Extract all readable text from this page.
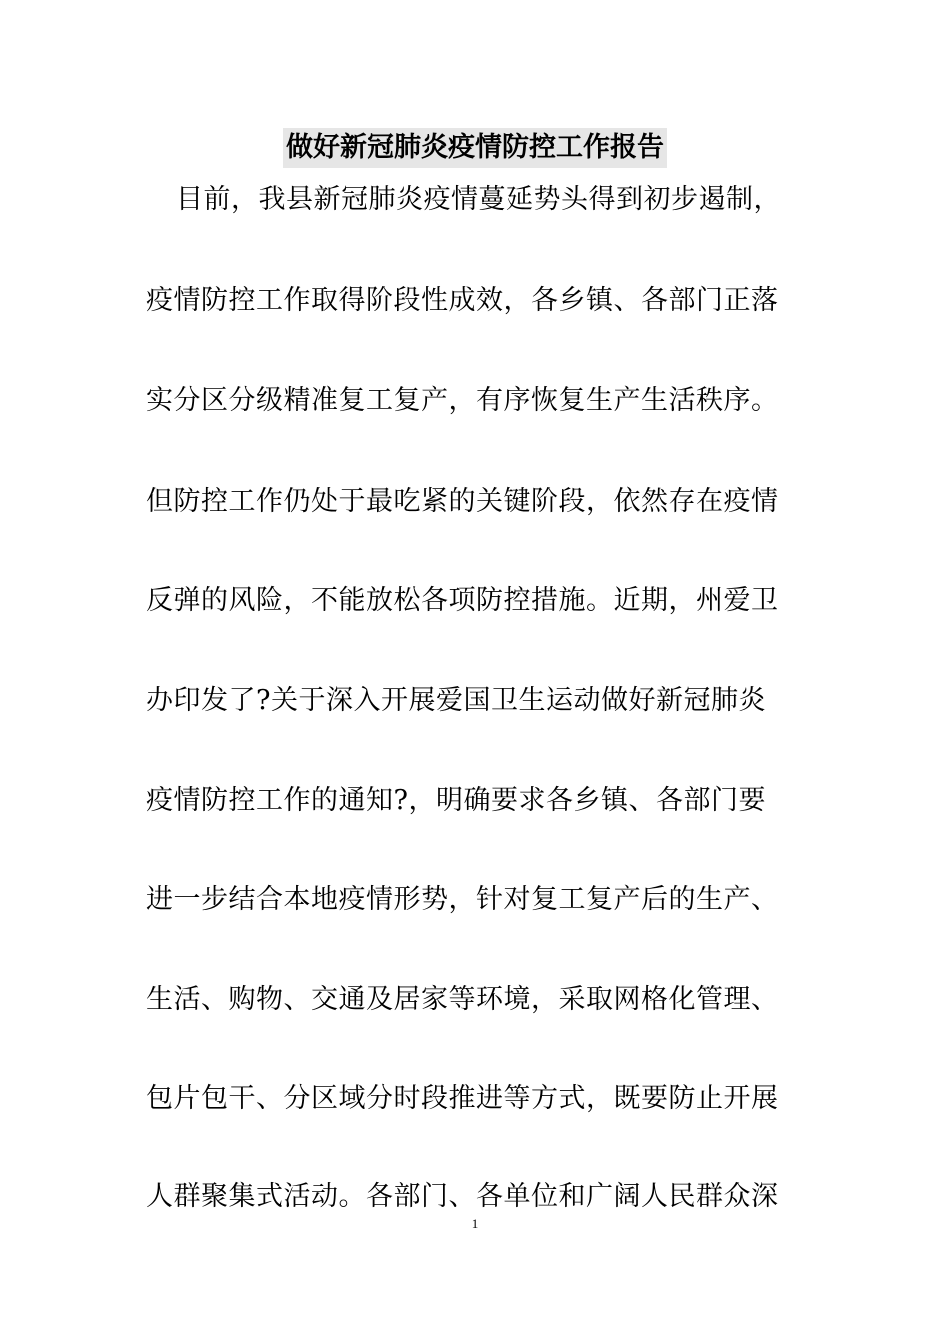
做好新冠肺炎疫情防控工作报告
目前，我县新冠肺炎疫情蔓延势头得到初步遏制，
疫情防控工作取得阶段性成效，各乡镇、各部门正落
实分区分级精准复工复产，有序恢复生产生活秩序。
但防控工作仍处于最吃紧的关键阶段，依然存在疫情
反弹的风险，不能放松各项防控措施。近期，州爱卫
办印发了?关于深入开展爱国卫生运动做好新冠肺炎
疫情防控工作的通知?，明确要求各乡镇、各部门要
进一步结合本地疫情形势，针对复工复产后的生产、
生活、购物、交通及居家等环境，采取网格化管理、
包片包干、分区域分时段推进等方式，既要防止开展
人群聚集式活动。各部门、各单位和广阔人民群众深
1
